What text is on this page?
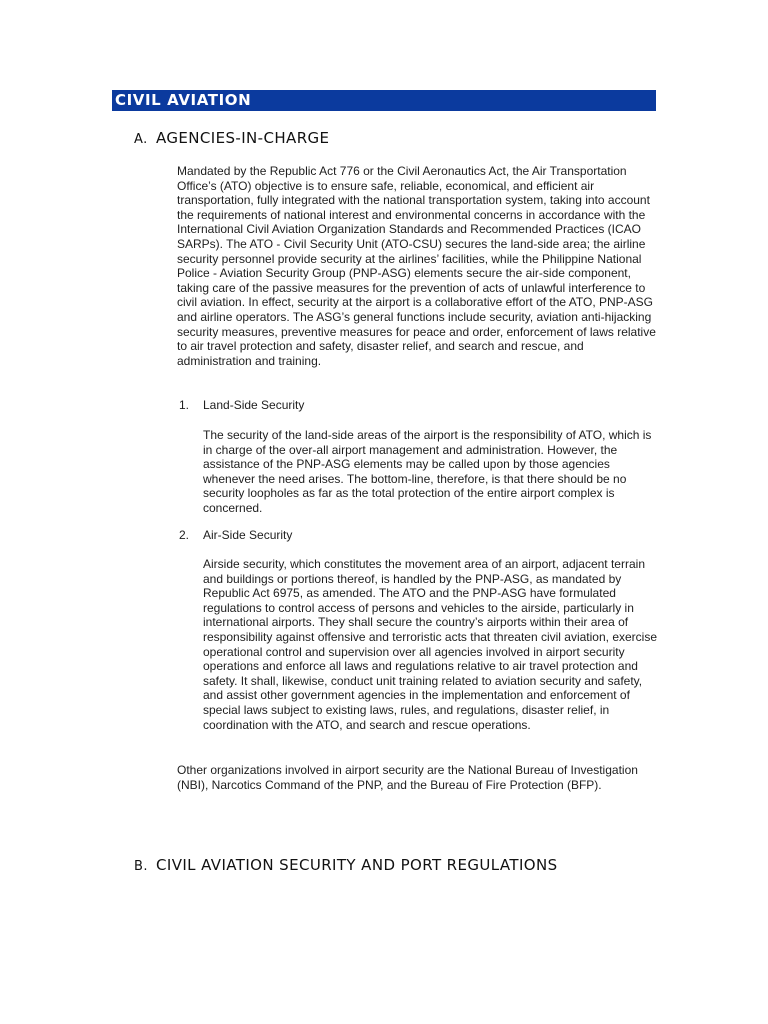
CIVIL AVIATION
A. AGENCIES-IN-CHARGE

Mandated by the Republic Act 776 or the Civil Aeronautics Act, the Air Transportation Office’s (ATO) objective is to ensure safe, reliable, economical, and efficient air transportation, fully integrated with the national transportation system, taking into account the requirements of national interest and environmental concerns in accordance with the International Civil Aviation Organization Standards and Recommended Practices (ICAO SARPs). The ATO - Civil Security Unit (ATO-CSU) secures the land-side area; the airline security personnel provide security at the airlines’ facilities, while the Philippine National Police - Aviation Security Group (PNP-ASG) elements secure the air-side component, taking care of the passive measures for the prevention of acts of unlawful interference to civil aviation. In effect, security at the airport is a collaborative effort of the ATO, PNP-ASG and airline operators. The ASG’s general functions include security, aviation anti-hijacking security measures, preventive measures for peace and order, enforcement of laws relative to air travel protection and safety, disaster relief, and search and rescue, and administration and training.

1. Land-Side Security

The security of the land-side areas of the airport is the responsibility of ATO, which is in charge of the over-all airport management and administration. However, the assistance of the PNP-ASG elements may be called upon by those agencies whenever the need arises. The bottom-line, therefore, is that there should be no security loopholes as far as the total protection of the entire airport complex is concerned.

2. Air-Side Security

Airside security, which constitutes the movement area of an airport, adjacent terrain and buildings or portions thereof, is handled by the PNP-ASG, as mandated by Republic Act 6975, as amended. The ATO and the PNP-ASG have formulated regulations to control access of persons and vehicles to the airside, particularly in international airports. They shall secure the country’s airports within their area of responsibility against offensive and terroristic acts that threaten civil aviation, exercise operational control and supervision over all agencies involved in airport security operations and enforce all laws and regulations relative to air travel protection and safety. It shall, likewise, conduct unit training related to aviation security and safety, and assist other government agencies in the implementation and enforcement of special laws subject to existing laws, rules, and regulations, disaster relief, in coordination with the ATO, and search and rescue operations.

Other organizations involved in airport security are the National Bureau of Investigation (NBI), Narcotics Command of the PNP, and the Bureau of Fire Protection (BFP).

B. CIVIL AVIATION SECURITY AND PORT REGULATIONS
